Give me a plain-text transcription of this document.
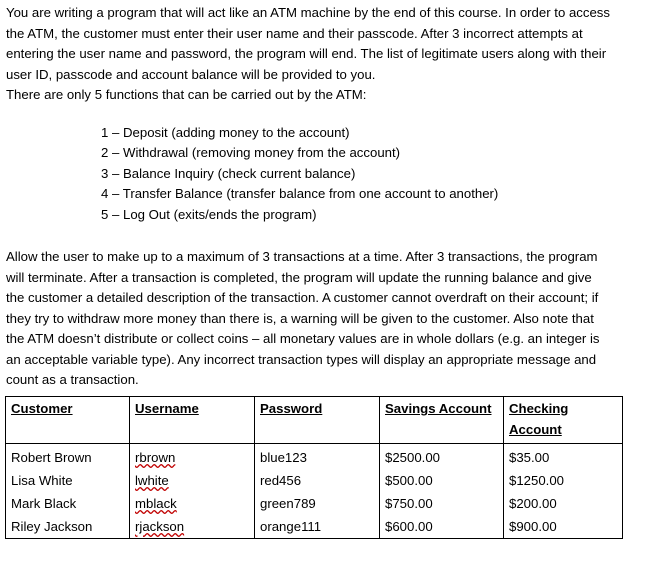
You are writing a program that will act like an ATM machine by the end of this course. In order to access
the ATM, the customer must enter their user name and their passcode. After 3 incorrect attempts at
entering the user name and password, the program will end. The list of legitimate users along with their
user ID, passcode and account balance will be provided to you.
There are only 5 functions that can be carried out by the ATM:

1 – Deposit (adding money to the account)
2 – Withdrawal (removing money from the account)
3 – Balance Inquiry (check current balance)
4 – Transfer Balance (transfer balance from one account to another)
5 – Log Out (exits/ends the program)

Allow the user to make up to a maximum of 3 transactions at a time. After 3 transactions, the program
will terminate. After a transaction is completed, the program will update the running balance and give
the customer a detailed description of the transaction. A customer cannot overdraft on their account; if
they try to withdraw more money than there is, a warning will be given to the customer. Also note that
the ATM doesn’t distribute or collect coins – all monetary values are in whole dollars (e.g. an integer is
an acceptable variable type). Any incorrect transaction types will display an appropriate message and
count as a transaction.

Customer	Username	Password	Savings Account	Checking
Account
Robert Brown	rbrown	blue123	$2500.00	$35.00
Lisa White	lwhite	red456	$500.00	$1250.00
Mark Black	mblack	green789	$750.00	$200.00
Riley Jackson	rjackson	orange111	$600.00	$900.00
